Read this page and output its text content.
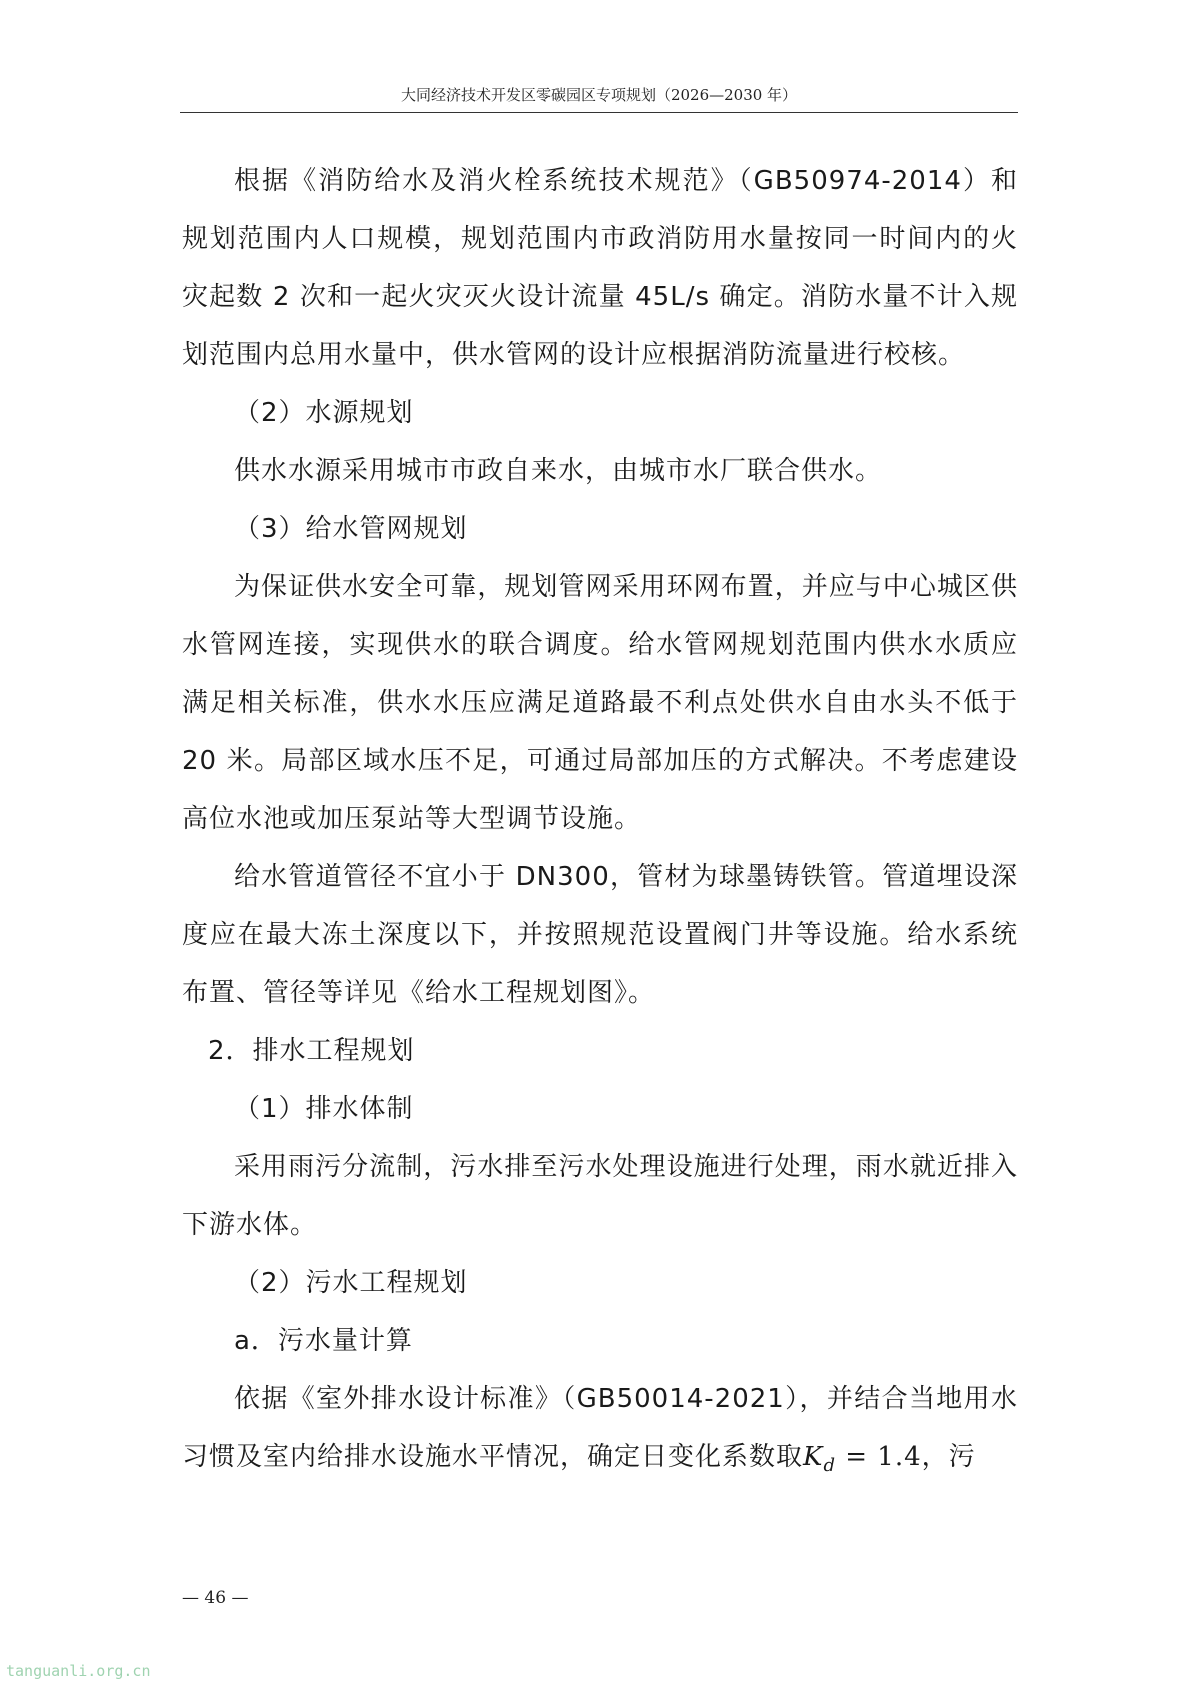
大同经济技术开发区零碳园区专项规划（2026—2030 年）

根据《消防给水及消火栓系统技术规范》（GB50974-2014）和规划范围内人口规模，规划范围内市政消防用水量按同一时间内的火灾起数 2 次和一起火灾灭火设计流量 45L/s 确定。消防水量不计入规划范围内总用水量中，供水管网的设计应根据消防流量进行校核。

（2）水源规划

供水水源采用城市市政自来水，由城市水厂联合供水。

（3）给水管网规划

为保证供水安全可靠，规划管网采用环网布置，并应与中心城区供水管网连接，实现供水的联合调度。给水管网规划范围内供水水质应满足相关标准，供水水压应满足道路最不利点处供水自由水头不低于 20 米。局部区域水压不足，可通过局部加压的方式解决。不考虑建设高位水池或加压泵站等大型调节设施。

给水管道管径不宜小于 DN300，管材为球墨铸铁管。管道埋设深度应在最大冻土深度以下，并按照规范设置阀门井等设施。给水系统布置、管径等详见《给水工程规划图》。

2．排水工程规划

（1）排水体制

采用雨污分流制，污水排至污水处理设施进行处理，雨水就近排入下游水体。

（2）污水工程规划

a．污水量计算

依据《室外排水设计标准》（GB50014-2021），并结合当地用水习惯及室内给排水设施水平情况，确定日变化系数取$K_d = 1.4$，污

— 46 —
tanguanli.org.cn
